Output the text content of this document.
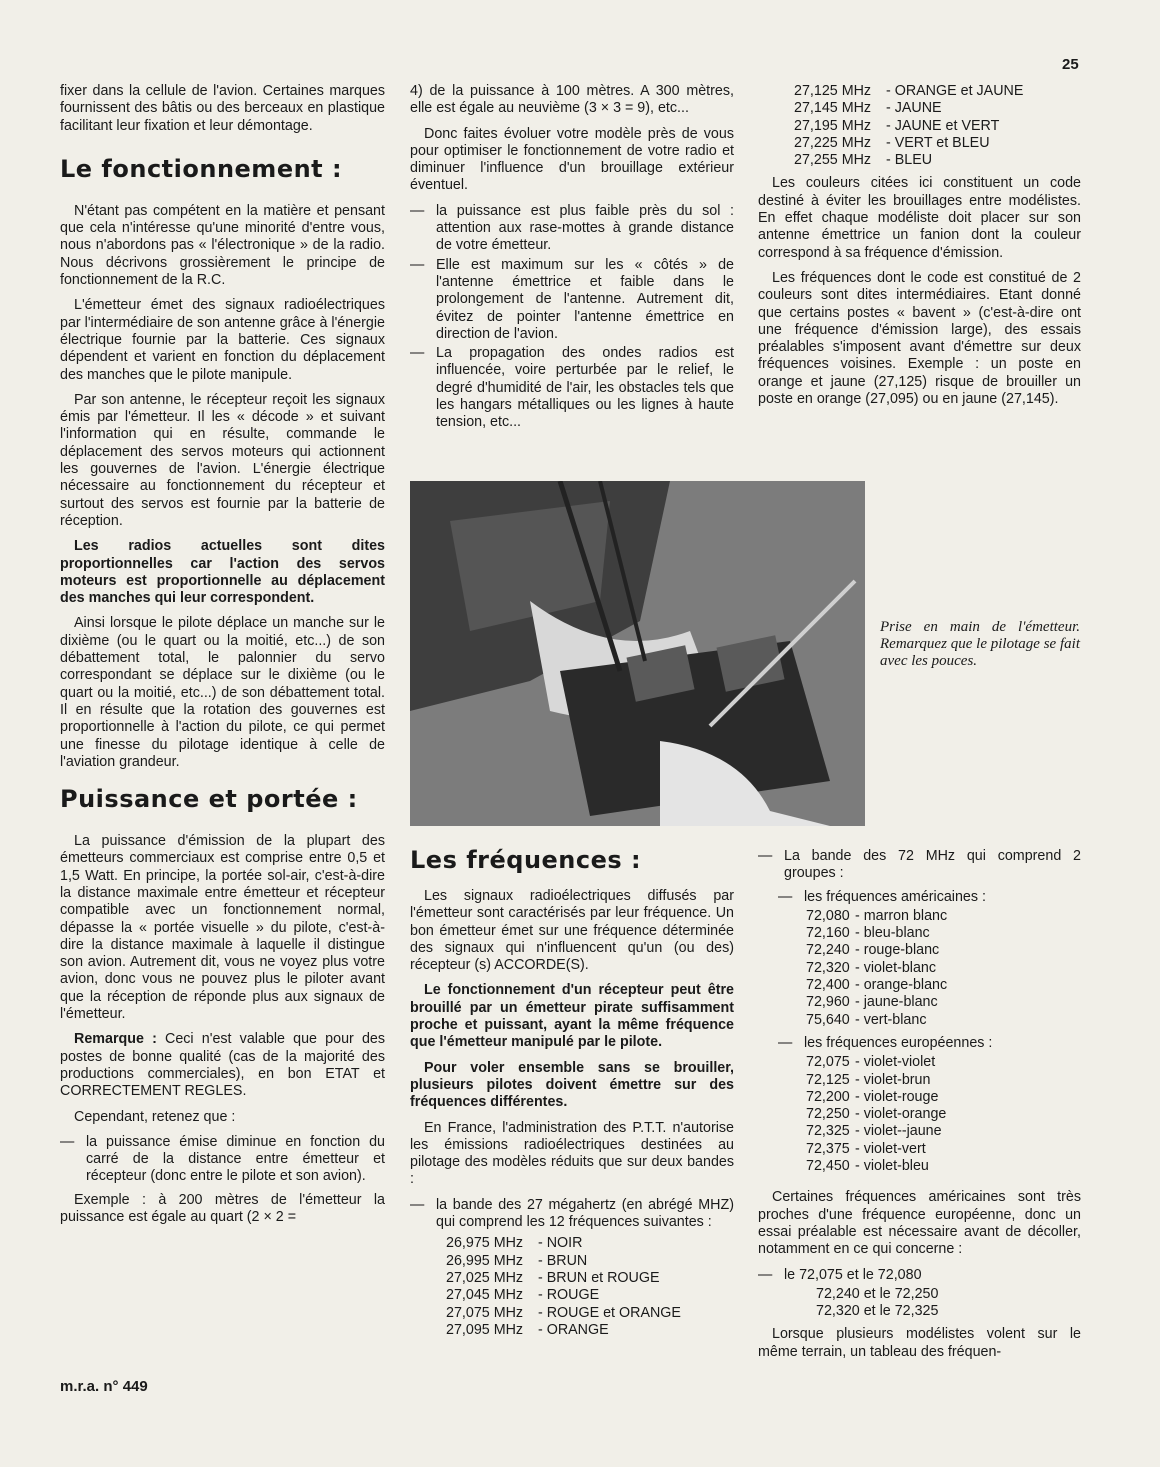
25

fixer dans la cellule de l'avion. Certaines marques fournissent des bâtis ou des berceaux en plastique facilitant leur fixation et leur démontage.

Le fonctionnement :

N'étant pas compétent en la matière et pensant que cela n'intéresse qu'une minorité d'entre vous, nous n'abordons pas « l'électronique » de la radio. Nous décrivons grossièrement le principe de fonctionnement de la R.C.

L'émetteur émet des signaux radioélectriques par l'intermédiaire de son antenne grâce à l'énergie électrique fournie par la batterie. Ces signaux dépendent et varient en fonction du déplacement des manches que le pilote manipule.

Par son antenne, le récepteur reçoit les signaux émis par l'émetteur. Il les « décode » et suivant l'information qui en résulte, commande le déplacement des servos moteurs qui actionnent les gouvernes de l'avion. L'énergie électrique nécessaire au fonctionnement du récepteur et surtout des servos est fournie par la batterie de réception.

Les radios actuelles sont dites proportionnelles car l'action des servos moteurs est proportionnelle au déplacement des manches qui leur correspondent.

Ainsi lorsque le pilote déplace un manche sur le dixième (ou le quart ou la moitié, etc...) de son débattement total, le palonnier du servo correspondant se déplace sur le dixième (ou le quart ou la moitié, etc...) de son débattement total. Il en résulte que la rotation des gouvernes est proportionnelle à l'action du pilote, ce qui permet une finesse du pilotage identique à celle de l'aviation grandeur.

Puissance et portée :

La puissance d'émission de la plupart des émetteurs commerciaux est comprise entre 0,5 et 1,5 Watt. En principe, la portée sol-air, c'est-à-dire la distance maximale entre émetteur et récepteur compatible avec un fonctionnement normal, dépasse la « portée visuelle » du pilote, c'est-à-dire la distance maximale à laquelle il distingue son avion. Autrement dit, vous ne voyez plus votre avion, donc vous ne pouvez plus le piloter avant que la réception de réponde plus aux signaux de l'émetteur.

Remarque : Ceci n'est valable que pour des postes de bonne qualité (cas de la majorité des productions commerciales), en bon ETAT et CORRECTEMENT REGLES.

Cependant, retenez que :

— la puissance émise diminue en fonction du carré de la distance entre émetteur et récepteur (donc entre le pilote et son avion).

Exemple : à 200 mètres de l'émetteur la puissance est égale au quart (2 × 2 =

4) de la puissance à 100 mètres. A 300 mètres, elle est égale au neuvième (3 × 3 = 9), etc...

Donc faites évoluer votre modèle près de vous pour optimiser le fonctionnement de votre radio et diminuer l'influence d'un brouillage extérieur éventuel.

— la puissance est plus faible près du sol : attention aux rase-mottes à grande distance de votre émetteur.
— Elle est maximum sur les « côtés » de l'antenne émettrice et faible dans le prolongement de l'antenne. Autrement dit, évitez de pointer l'antenne émettrice en direction de l'avion.
— La propagation des ondes radios est influencée, voire perturbée par le relief, le degré d'humidité de l'air, les obstacles tels que les hangars métalliques ou les lignes à haute tension, etc...
Prise en main de l'émetteur. Remarquez que le pilotage se fait avec les pouces.
Les fréquences :

Les signaux radioélectriques diffusés par l'émetteur sont caractérisés par leur fréquence. Un bon émetteur émet sur une fréquence déterminée des signaux qui n'influencent qu'un (ou des) récepteur (s) ACCORDE(S).

Le fonctionnement d'un récepteur peut être brouillé par un émetteur pirate suffisamment proche et puissant, ayant la même fréquence que l'émetteur manipulé par le pilote.

Pour voler ensemble sans se brouiller, plusieurs pilotes doivent émettre sur des fréquences différentes.

En France, l'administration des P.T.T. n'autorise les émissions radioélectriques destinées au pilotage des modèles réduits que sur deux bandes :

— la bande des 27 mégahertz (en abrégé MHZ) qui comprend les 12 fréquences suivantes :
26,975 MHz - NOIR
26,995 MHz - BRUN
27,025 MHz - BRUN et ROUGE
27,045 MHz - ROUGE
27,075 MHz - ROUGE et ORANGE
27,095 MHz - ORANGE
27,125 MHz - ORANGE et JAUNE
27,145 MHz - JAUNE
27,195 MHz - JAUNE et VERT
27,225 MHz - VERT et BLEU
27,255 MHz - BLEU

Les couleurs citées ici constituent un code destiné à éviter les brouillages entre modélistes. En effet chaque modéliste doit placer sur son antenne émettrice un fanion dont la couleur correspond à sa fréquence d'émission.

Les fréquences dont le code est constitué de 2 couleurs sont dites intermédiaires. Etant donné que certains postes « bavent » (c'est-à-dire ont une fréquence d'émission large), des essais préalables s'imposent avant d'émettre sur deux fréquences voisines. Exemple : un poste en orange et jaune (27,125) risque de brouiller un poste en orange (27,095) ou en jaune (27,145).

— La bande des 72 MHz qui comprend 2 groupes :
— les fréquences américaines :
72,080 - marron blanc
72,160 - bleu-blanc
72,240 - rouge-blanc
72,320 - violet-blanc
72,400 - orange-blanc
72,960 - jaune-blanc
75,640 - vert-blanc
— les fréquences européennes :
72,075 - violet-violet
72,125 - violet-brun
72,200 - violet-rouge
72,250 - violet-orange
72,325 - violet--jaune
72,375 - violet-vert
72,450 - violet-bleu

Certaines fréquences américaines sont très proches d'une fréquence européenne, donc un essai préalable est nécessaire avant de décoller, notamment en ce qui concerne :

— le 72,075 et le 72,080
72,240 et le 72,250
72,320 et le 72,325

Lorsque plusieurs modélistes volent sur le même terrain, un tableau des fréquen-

m.r.a. n° 449
